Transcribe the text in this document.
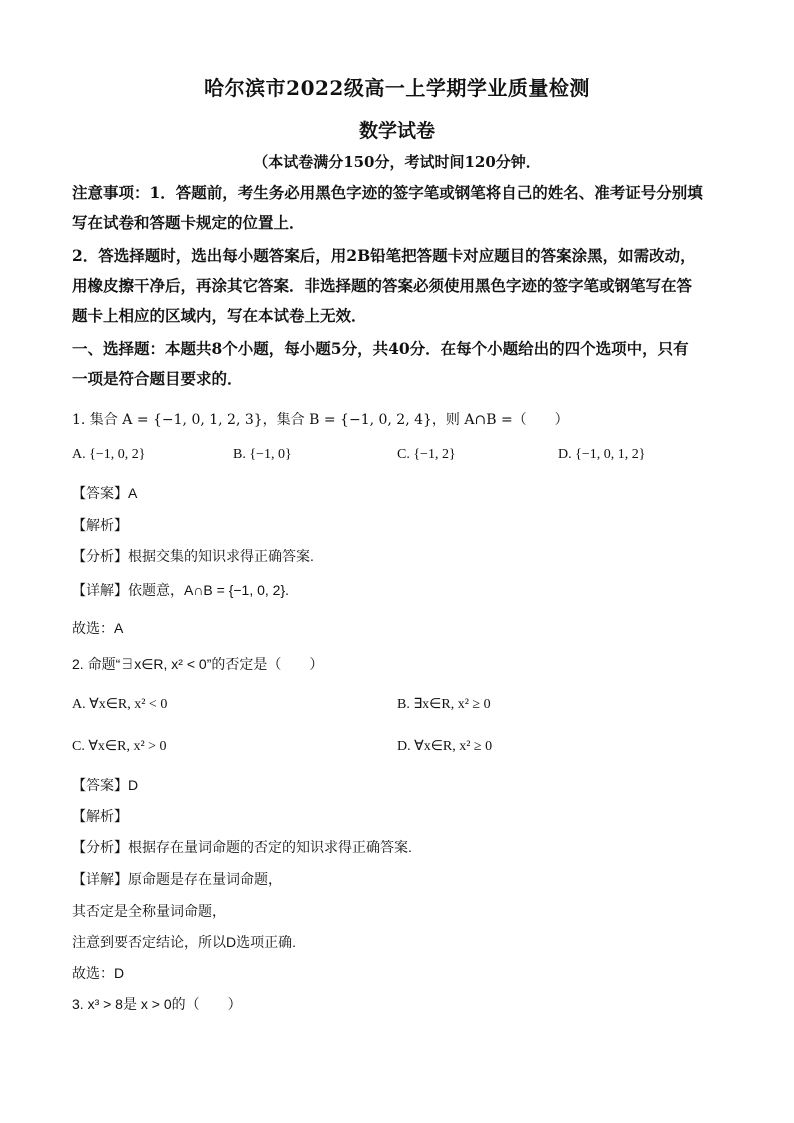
哈尔滨市2022级高一上学期学业质量检测
数学试卷
（本试卷满分150分，考试时间120分钟．
注意事项：1．答题前，考生务必用黑色字迹的签字笔或钢笔将自己的姓名、准考证号分别填
写在试卷和答题卡规定的位置上．
2．答选择题时，选出每小题答案后，用2B铅笔把答题卡对应题目的答案涂黑，如需改动，
用橡皮擦干净后，再涂其它答案．非选择题的答案必须使用黑色字迹的签字笔或钢笔写在答
题卡上相应的区域内，写在本试卷上无效．
一、选择题：本题共8个小题，每小题5分，共40分．在每个小题给出的四个选项中，只有
一项是符合题目要求的．
1. 集合 A = {−1, 0, 1, 2, 3}，集合 B = {−1, 0, 2, 4}，则 A∩B =（　　）
A. {−1, 0, 2}	B. {−1, 0}	C. {−1, 2}	D. {−1, 0, 1, 2}
【答案】A
【解析】
【分析】根据交集的知识求得正确答案.
【详解】依题意，A∩B = {−1, 0, 2}.
故选：A
2. 命题“∃x∈R, x² < 0”的否定是（　　）
A. ∀x∈R, x² < 0	B. ∃x∈R, x² ≥ 0
C. ∀x∈R, x² > 0	D. ∀x∈R, x² ≥ 0
【答案】D
【解析】
【分析】根据存在量词命题的否定的知识求得正确答案.
【详解】原命题是存在量词命题，
其否定是全称量词命题，
注意到要否定结论，所以D选项正确.
故选：D
3. x³ > 8是 x > 0的（　　）
